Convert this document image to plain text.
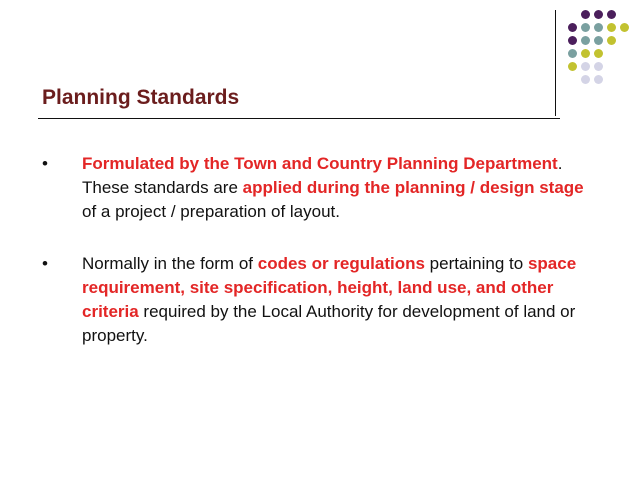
Planning Standards
• Formulated by the Town and Country Planning Department. These standards are applied during the planning / design stage of a project / preparation of layout.
• Normally in the form of codes or regulations pertaining to space requirement, site specification, height, land use, and other criteria required by the Local Authority for development of land or property.
